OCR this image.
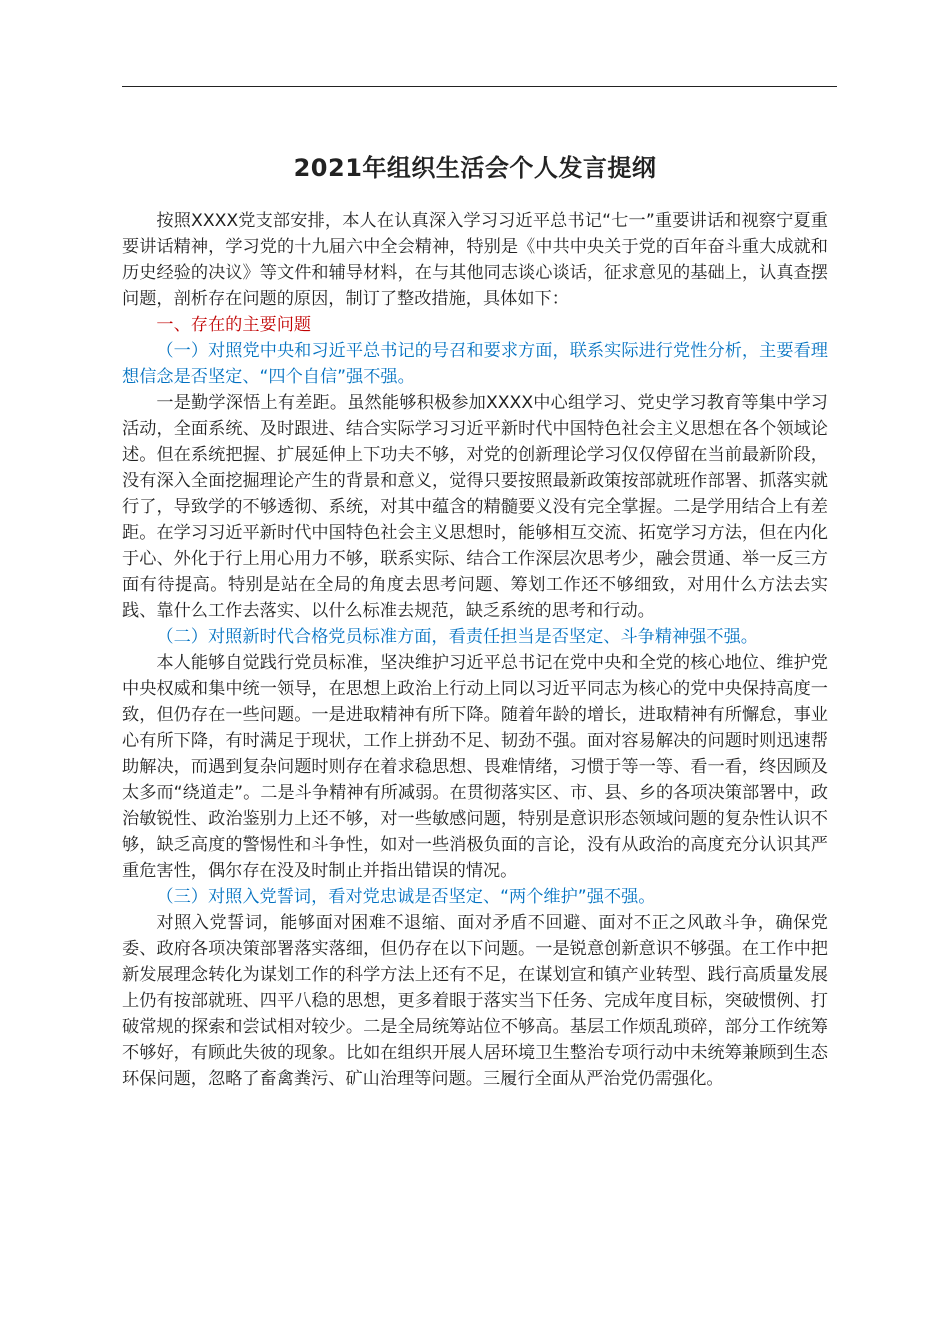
2021年组织生活会个人发言提纲

按照XXXX党支部安排，本人在认真深入学习习近平总书记“七一”重要讲话和视察宁夏重要讲话精神，学习党的十九届六中全会精神，特别是《中共中央关于党的百年奋斗重大成就和历史经验的决议》等文件和辅导材料，在与其他同志谈心谈话，征求意见的基础上，认真查摆问题，剖析存在问题的原因，制订了整改措施，具体如下：

一、存在的主要问题

（一）对照党中央和习近平总书记的号召和要求方面，联系实际进行党性分析，主要看理想信念是否坚定、“四个自信”强不强。

一是勤学深悟上有差距。虽然能够积极参加XXXX中心组学习、党史学习教育等集中学习活动，全面系统、及时跟进、结合实际学习习近平新时代中国特色社会主义思想在各个领域论述。但在系统把握、扩展延伸上下功夫不够，对党的创新理论学习仅仅停留在当前最新阶段，没有深入全面挖掘理论产生的背景和意义，觉得只要按照最新政策按部就班作部署、抓落实就行了，导致学的不够透彻、系统，对其中蕴含的精髓要义没有完全掌握。二是学用结合上有差距。在学习习近平新时代中国特色社会主义思想时，能够相互交流、拓宽学习方法，但在内化于心、外化于行上用心用力不够，联系实际、结合工作深层次思考少，融会贯通、举一反三方面有待提高。特别是站在全局的角度去思考问题、筹划工作还不够细致，对用什么方法去实践、靠什么工作去落实、以什么标准去规范，缺乏系统的思考和行动。

（二）对照新时代合格党员标准方面，看责任担当是否坚定、斗争精神强不强。

本人能够自觉践行党员标准，坚决维护习近平总书记在党中央和全党的核心地位、维护党中央权威和集中统一领导，在思想上政治上行动上同以习近平同志为核心的党中央保持高度一致，但仍存在一些问题。一是进取精神有所下降。随着年龄的增长，进取精神有所懈怠，事业心有所下降，有时满足于现状，工作上拼劲不足、韧劲不强。面对容易解决的问题时则迅速帮助解决，而遇到复杂问题时则存在着求稳思想、畏难情绪，习惯于等一等、看一看，终因顾及太多而“绕道走”。二是斗争精神有所减弱。在贯彻落实区、市、县、乡的各项决策部署中，政治敏锐性、政治鉴别力上还不够，对一些敏感问题，特别是意识形态领域问题的复杂性认识不够，缺乏高度的警惕性和斗争性，如对一些消极负面的言论，没有从政治的高度充分认识其严重危害性，偶尔存在没及时制止并指出错误的情况。

（三）对照入党誓词，看对党忠诚是否坚定、“两个维护”强不强。

对照入党誓词，能够面对困难不退缩、面对矛盾不回避、面对不正之风敢斗争，确保党委、政府各项决策部署落实落细，但仍存在以下问题。一是锐意创新意识不够强。在工作中把新发展理念转化为谋划工作的科学方法上还有不足，在谋划宣和镇产业转型、践行高质量发展上仍有按部就班、四平八稳的思想，更多着眼于落实当下任务、完成年度目标，突破惯例、打破常规的探索和尝试相对较少。二是全局统筹站位不够高。基层工作烦乱琐碎，部分工作统筹不够好，有顾此失彼的现象。比如在组织开展人居环境卫生整治专项行动中未统筹兼顾到生态环保问题，忽略了畜禽粪污、矿山治理等问题。三履行全面从严治党仍需强化。
